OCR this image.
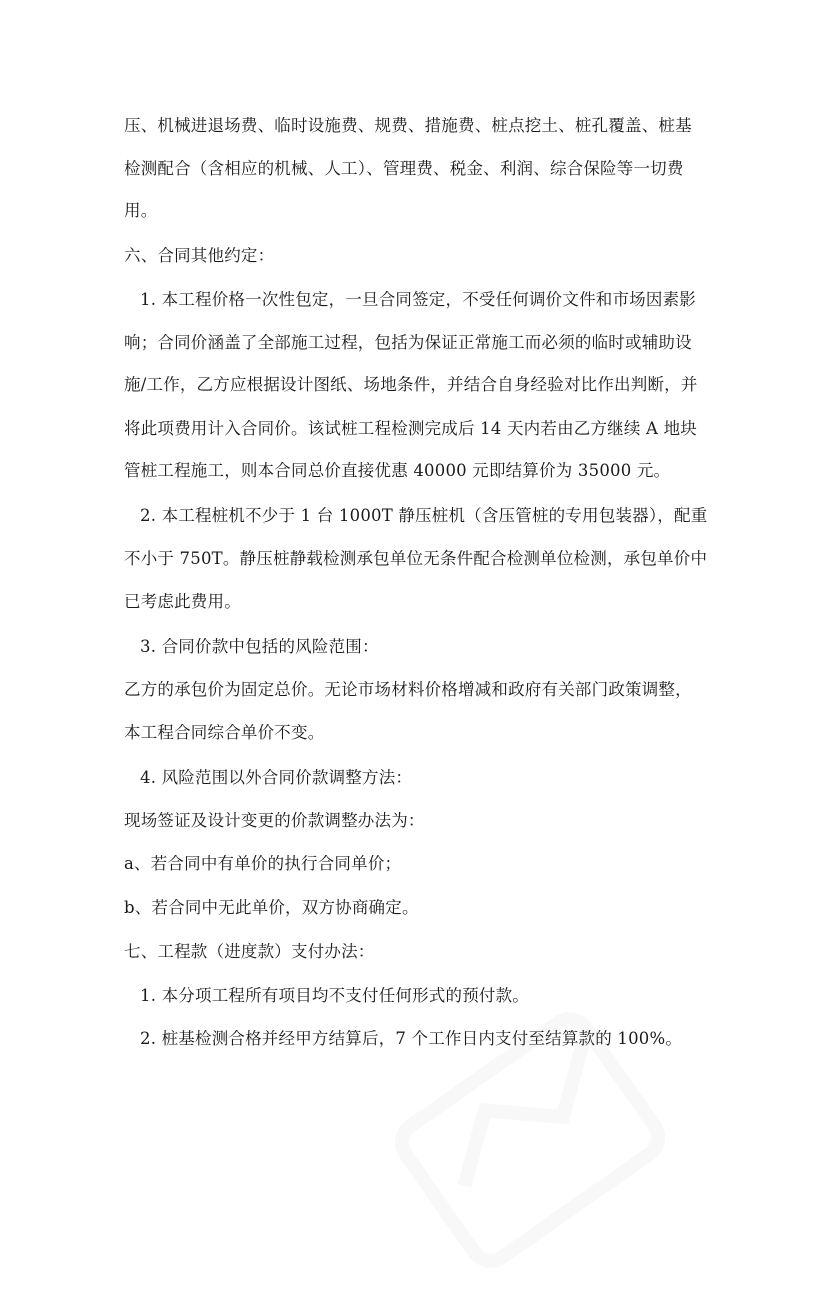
压、机械进退场费、临时设施费、规费、措施费、桩点挖土、桩孔覆盖、桩基
检测配合（含相应的机械、人工）、管理费、税金、利润、综合保险等一切费
用。
六、合同其他约定：
1. 本工程价格一次性包定，一旦合同签定，不受任何调价文件和市场因素影
响；合同价涵盖了全部施工过程，包括为保证正常施工而必须的临时或辅助设
施/工作，乙方应根据设计图纸、场地条件，并结合自身经验对比作出判断，并
将此项费用计入合同价。该试桩工程检测完成后 14 天内若由乙方继续 A 地块
管桩工程施工，则本合同总价直接优惠 40000 元即结算价为 35000 元。
2. 本工程桩机不少于 1 台 1000T 静压桩机（含压管桩的专用包装器），配重
不小于 750T。静压桩静载检测承包单位无条件配合检测单位检测，承包单价中
已考虑此费用。
3. 合同价款中包括的风险范围：
乙方的承包价为固定总价。无论市场材料价格增减和政府有关部门政策调整，
本工程合同综合单价不变。
4. 风险范围以外合同价款调整方法：
现场签证及设计变更的价款调整办法为：
a、若合同中有单价的执行合同单价；
b、若合同中无此单价，双方协商确定。
七、工程款（进度款）支付办法：
1. 本分项工程所有项目均不支付任何形式的预付款。
2. 桩基检测合格并经甲方结算后，7 个工作日内支付至结算款的 100%。
